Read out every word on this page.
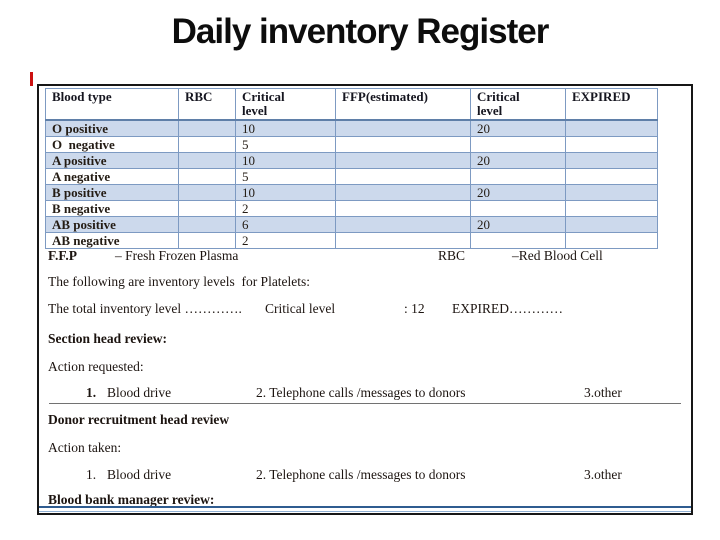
Daily inventory Register
Blood type	RBC	Critical level	FFP(estimated)	Critical level	EXPIRED
O positive		10		20	
O  negative		5			
A positive		10		20	
A negative		5			
B positive		10		20	
B negative		2			
AB positive		6		20	
AB negative		2			
F.F.P	– Fresh Frozen Plasma	RBC	–Red Blood Cell
The following are inventory levels  for Platelets:
The total inventory level …………. Critical level	: 12 EXPIRED…………
Section head review:
Action requested:
1. Blood drive	2. Telephone calls /messages to donors	3.other
Donor recruitment head review
Action taken:
1. Blood drive	2. Telephone calls /messages to donors	3.other
Blood bank manager review:
